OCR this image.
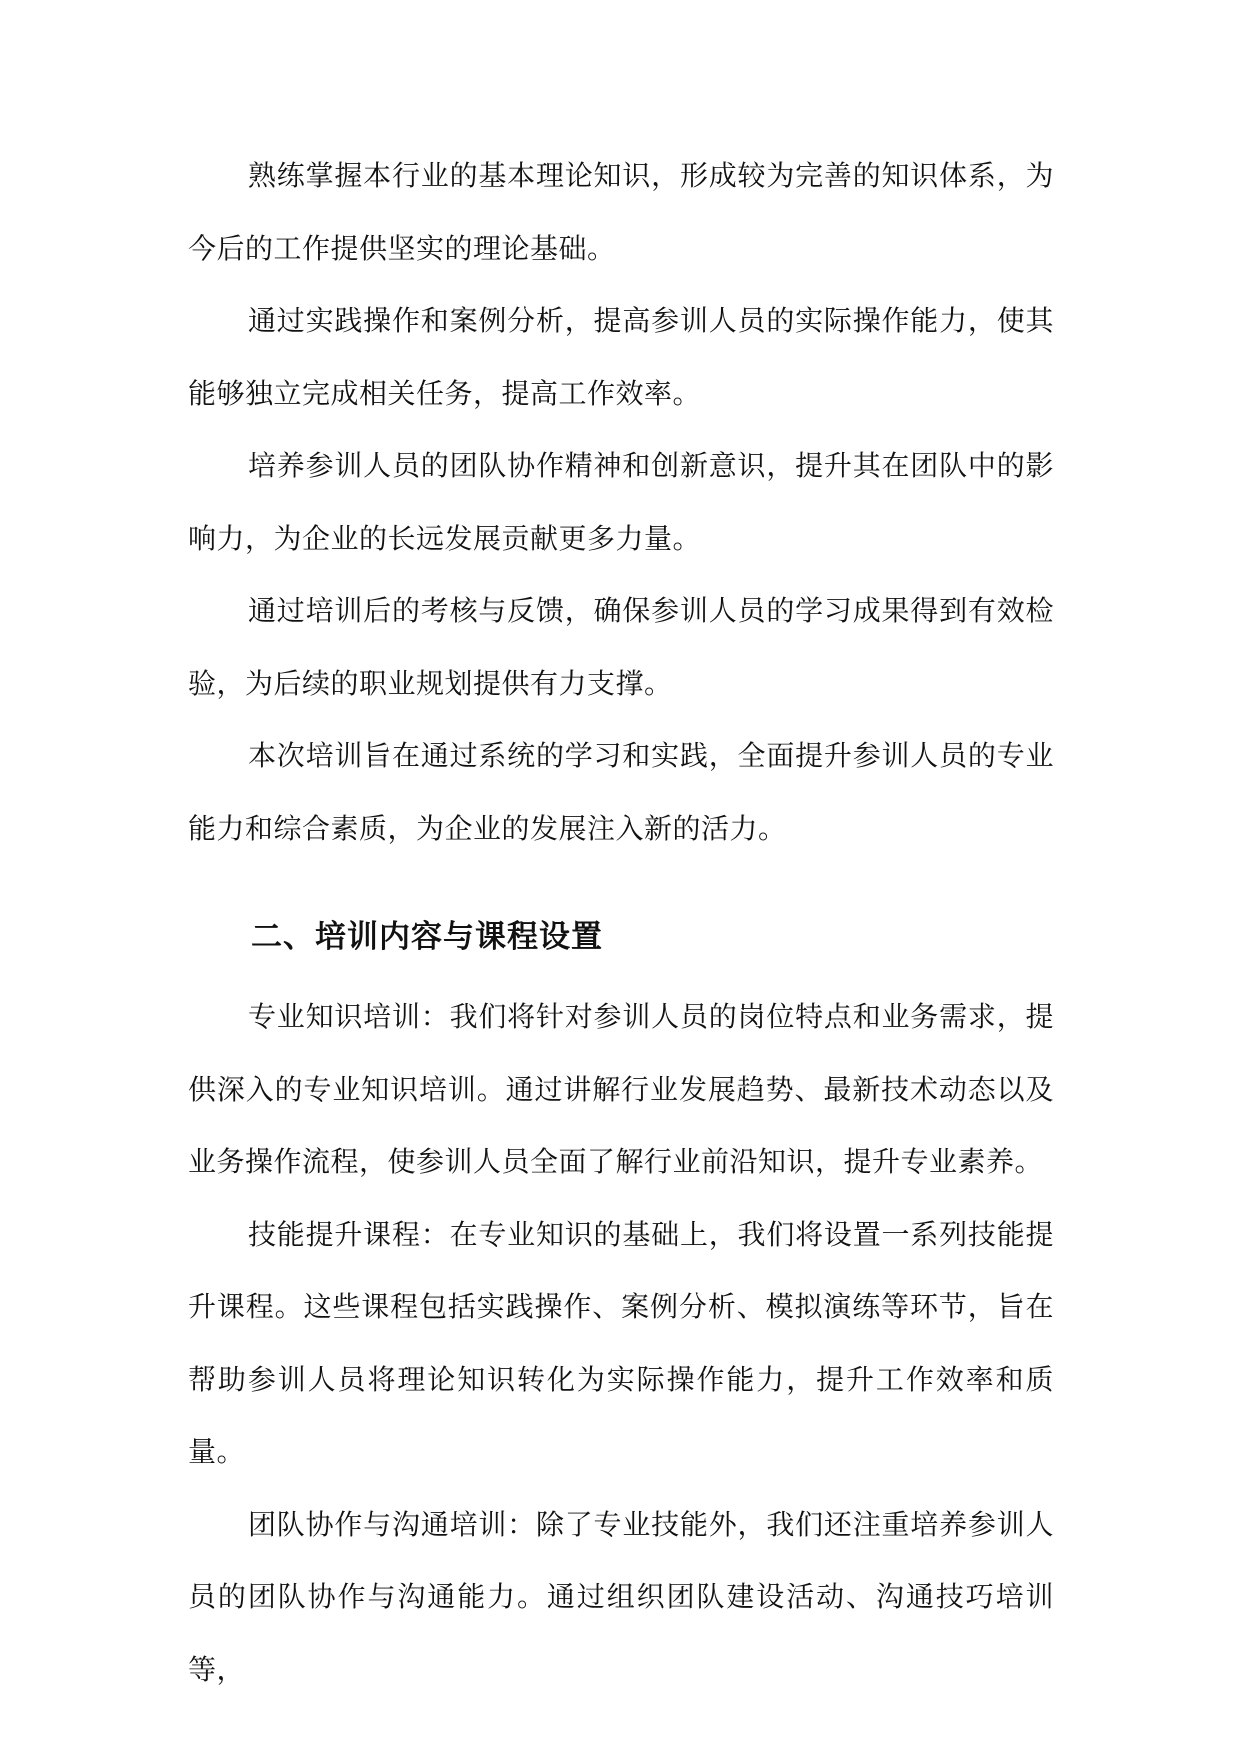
熟练掌握本行业的基本理论知识，形成较为完善的知识体系，为今后的工作提供坚实的理论基础。

通过实践操作和案例分析，提高参训人员的实际操作能力，使其能够独立完成相关任务，提高工作效率。

培养参训人员的团队协作精神和创新意识，提升其在团队中的影响力，为企业的长远发展贡献更多力量。

通过培训后的考核与反馈，确保参训人员的学习成果得到有效检验，为后续的职业规划提供有力支撑。

本次培训旨在通过系统的学习和实践，全面提升参训人员的专业能力和综合素质，为企业的发展注入新的活力。

二、培训内容与课程设置

专业知识培训：我们将针对参训人员的岗位特点和业务需求，提供深入的专业知识培训。通过讲解行业发展趋势、最新技术动态以及业务操作流程，使参训人员全面了解行业前沿知识，提升专业素养。

技能提升课程：在专业知识的基础上，我们将设置一系列技能提升课程。这些课程包括实践操作、案例分析、模拟演练等环节，旨在帮助参训人员将理论知识转化为实际操作能力，提升工作效率和质量。

团队协作与沟通培训：除了专业技能外，我们还注重培养参训人员的团队协作与沟通能力。通过组织团队建设活动、沟通技巧培训等，
